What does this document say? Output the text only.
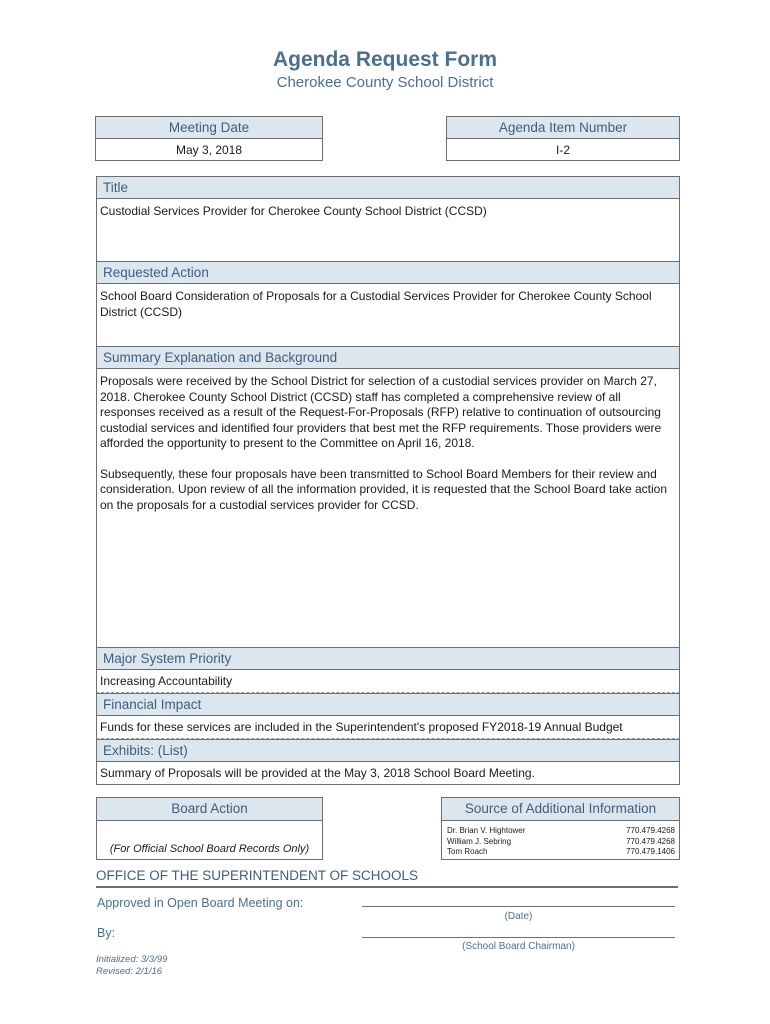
Agenda Request Form
Cherokee County School District
Meeting Date
May 3, 2018
Agenda Item Number
I-2
Title
Custodial Services Provider for Cherokee County School District (CCSD)
Requested Action
School Board Consideration of Proposals for a Custodial Services Provider for Cherokee County School District (CCSD)
Summary Explanation and Background

Proposals were received by the School District for selection of a custodial services provider on March 27, 2018. Cherokee County School District (CCSD) staff has completed a comprehensive review of all responses received as a result of the Request-For-Proposals (RFP) relative to continuation of outsourcing custodial services and identified four providers that best met the RFP requirements. Those providers were afforded the opportunity to present to the Committee on April 16, 2018.

Subsequently, these four proposals have been transmitted to School Board Members for their review and consideration. Upon review of all the information provided, it is requested that the School Board take action on the proposals for a custodial services provider for CCSD.

Major System Priority
Increasing Accountability
Financial Impact
Funds for these services are included in the Superintendent's proposed FY2018-19 Annual Budget
Exhibits: (List)
Summary of Proposals will be provided at the May 3, 2018 School Board Meeting.
Board Action
(For Official School Board Records Only)
Source of Additional Information
Dr. Brian V. Hightower	770.479.4268
William J. Sebring	770.479.4268
Tom Roach	770.479.1406
OFFICE OF THE SUPERINTENDENT OF SCHOOLS
Approved in Open Board Meeting on:
(Date)
By:
(School Board Chairman)
Initialized: 3/3/99
Revised: 2/1/16
